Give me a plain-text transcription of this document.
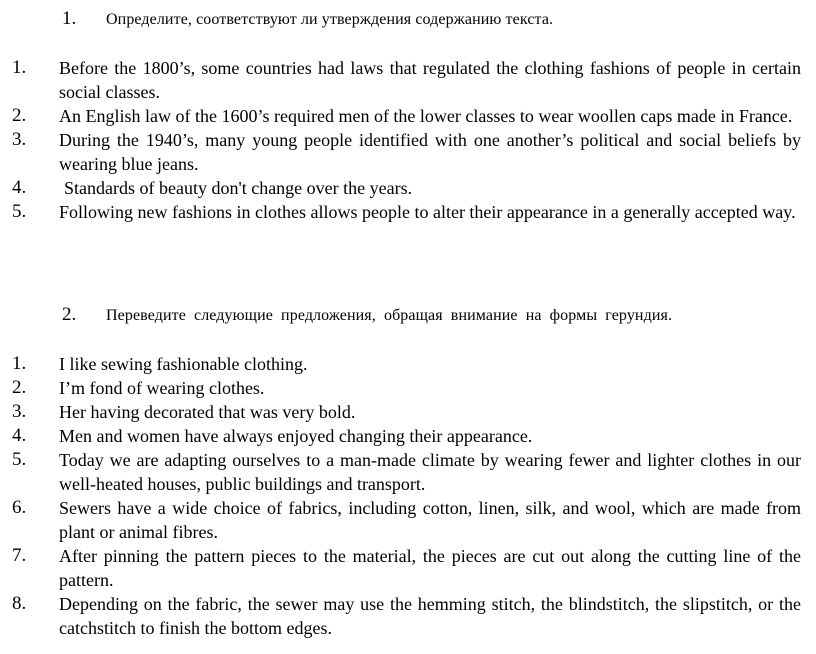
1.	Определите, соответствуют ли утверждения содержанию текста.
1.	Before the 1800’s, some countries had laws that regulated the clothing fashions of people in certain social classes.
2.	An English law of the 1600’s required men of the lower classes to wear woollen caps made in France.
3.	During the 1940’s, many young people identified with one another’s political and social beliefs by wearing blue jeans.
4.	Standards of beauty don't change over the years.
5.	Following new fashions in clothes allows people to alter their appearance in a generally accepted way.
2.	Переведите следующие предложения, обращая внимание на формы герундия.
1.	I like sewing fashionable clothing.
2.	I’m fond of wearing clothes.
3.	Her having decorated that was very bold.
4.	Men and women have always enjoyed changing their appearance.
5.	Today we are adapting ourselves to a man-made climate by wearing fewer and lighter clothes in our well-heated houses, public buildings and transport.
6.	Sewers have a wide choice of fabrics, including cotton, linen, silk, and wool, which are made from plant or animal fibres.
7.	After pinning the pattern pieces to the material, the pieces are cut out along the cutting line of the pattern.
8.	Depending on the fabric, the sewer may use the hemming stitch, the blindstitch, the slipstitch, or the catchstitch to finish the bottom edges.
